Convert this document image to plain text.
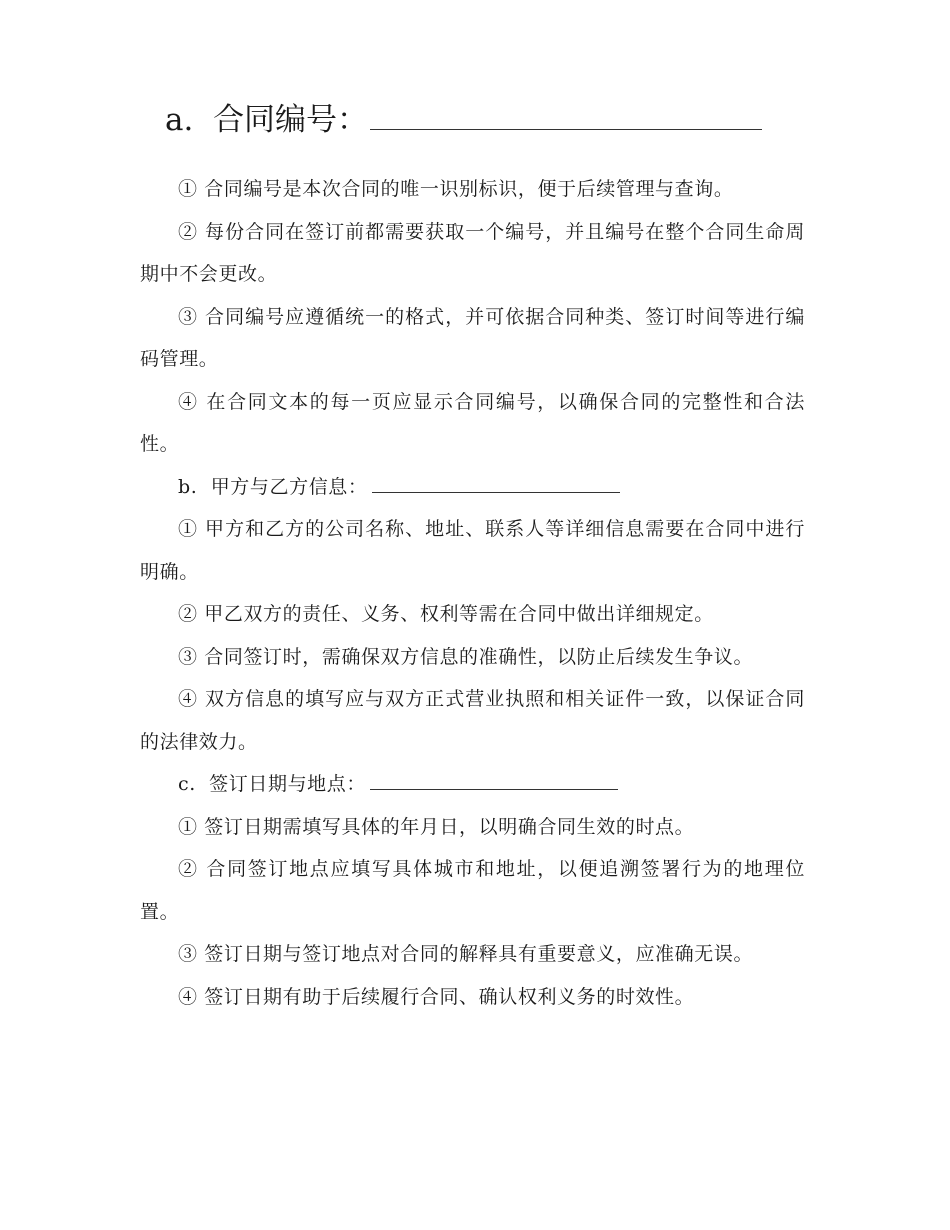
a. 合同编号：

① 合同编号是本次合同的唯一识别标识，便于后续管理与查询。

② 每份合同在签订前都需要获取一个编号，并且编号在整个合同生命周期中不会更改。

③ 合同编号应遵循统一的格式，并可依据合同种类、签订时间等进行编码管理。

④ 在合同文本的每一页应显示合同编号，以确保合同的完整性和合法性。

b. 甲方与乙方信息：

① 甲方和乙方的公司名称、地址、联系人等详细信息需要在合同中进行明确。

② 甲乙双方的责任、义务、权利等需在合同中做出详细规定。

③ 合同签订时，需确保双方信息的准确性，以防止后续发生争议。

④ 双方信息的填写应与双方正式营业执照和相关证件一致，以保证合同的法律效力。

c. 签订日期与地点：

① 签订日期需填写具体的年月日，以明确合同生效的时点。

② 合同签订地点应填写具体城市和地址，以便追溯签署行为的地理位置。

③ 签订日期与签订地点对合同的解释具有重要意义，应准确无误。

④ 签订日期有助于后续履行合同、确认权利义务的时效性。
